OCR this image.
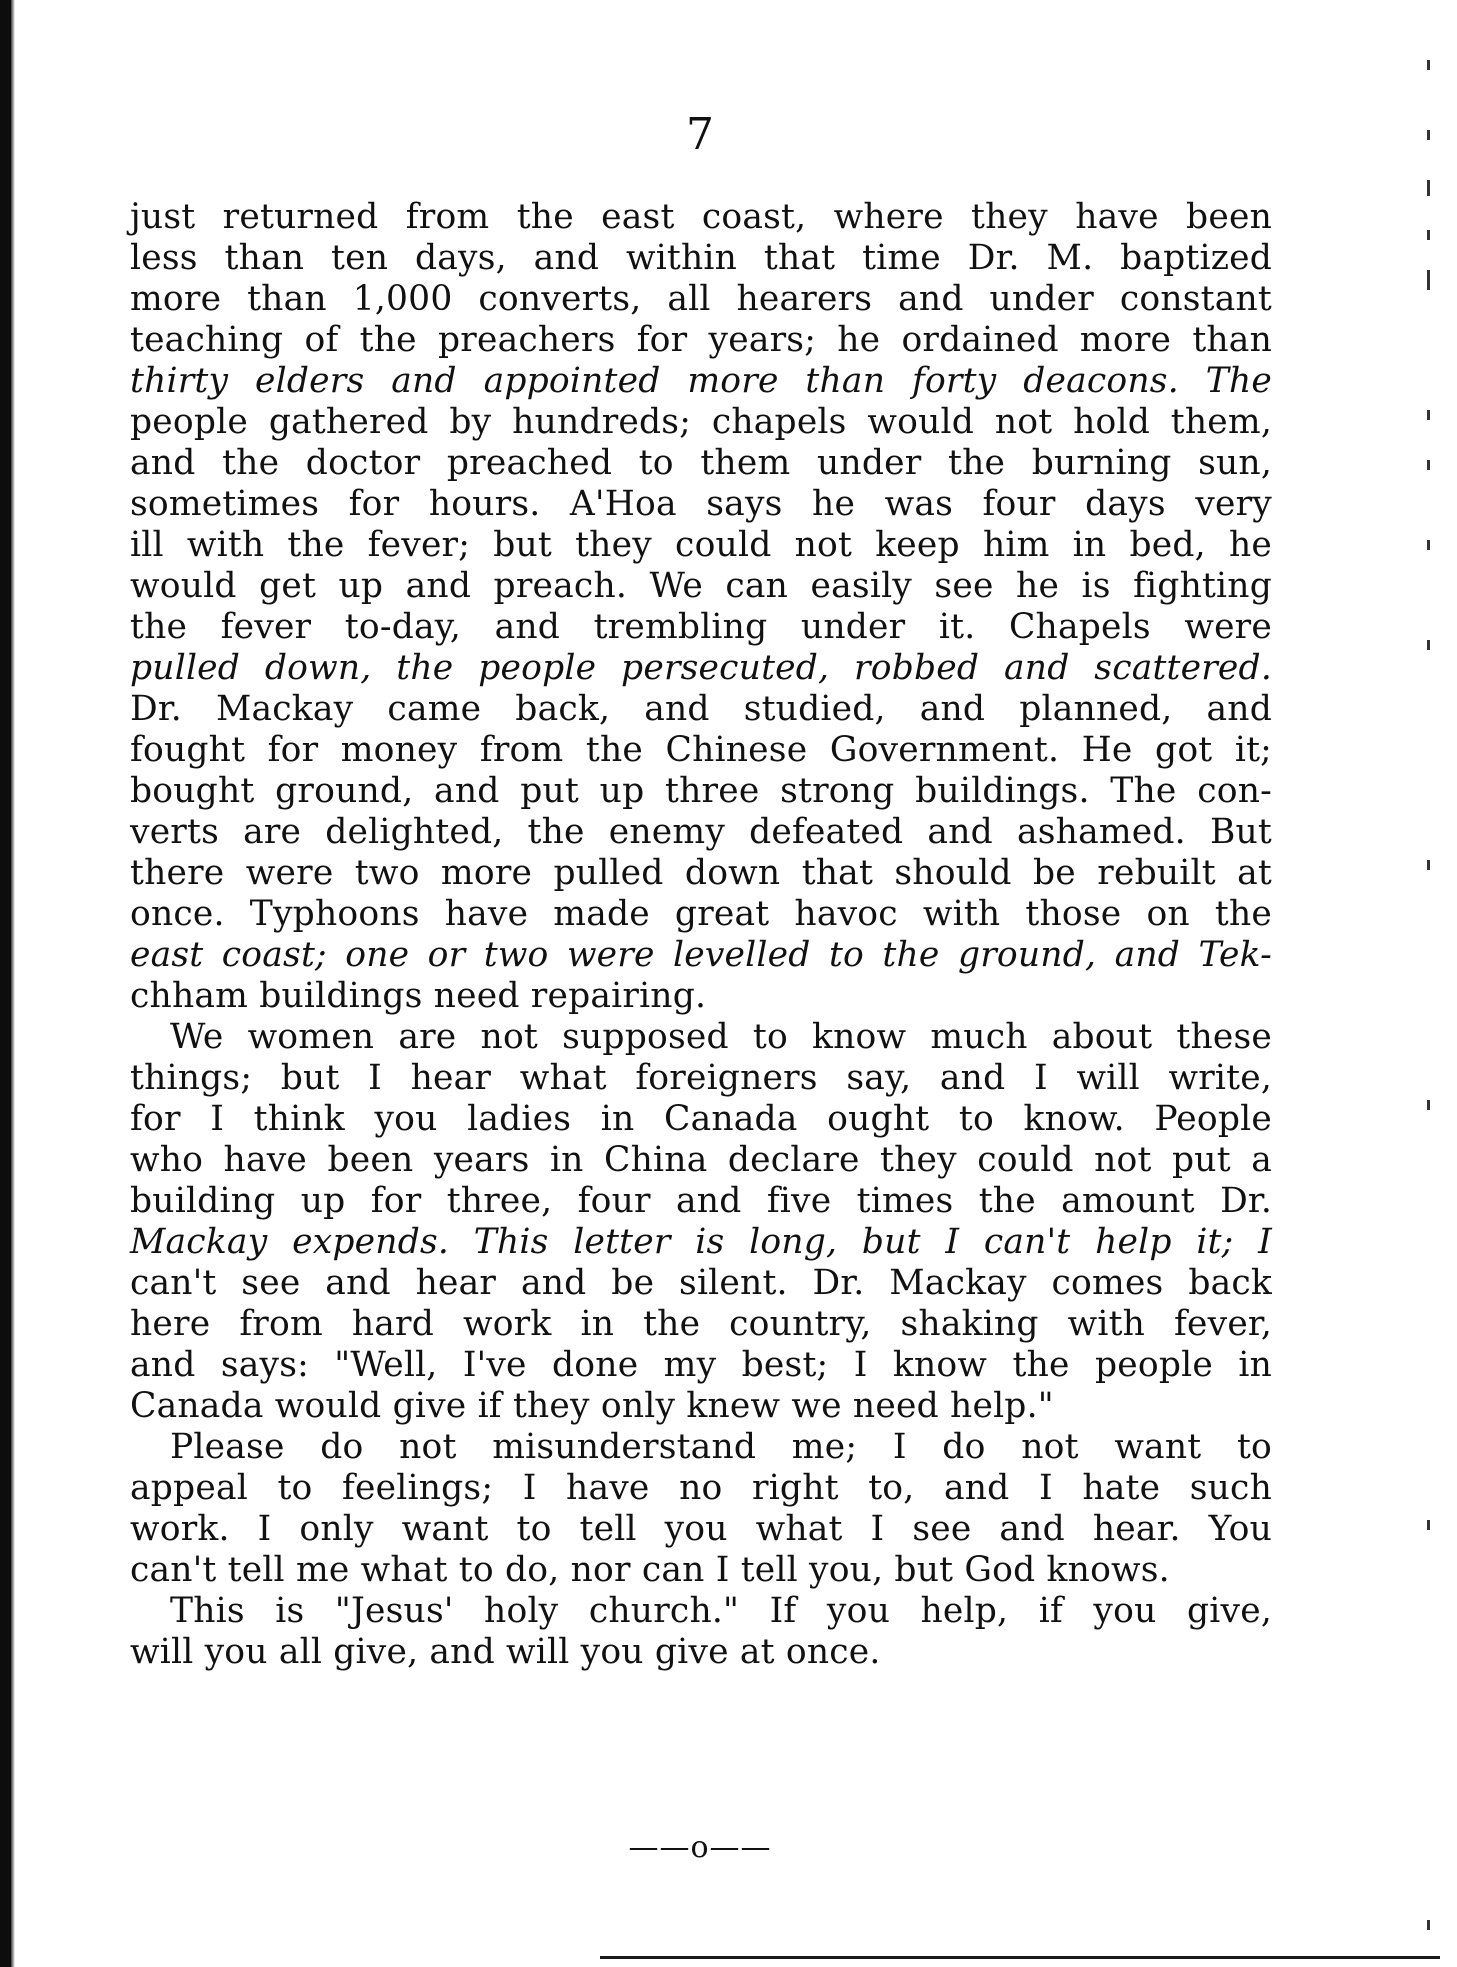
7
just returned from the east coast, where they have been
less than ten days, and within that time Dr. M. baptized
more than 1,000 converts, all hearers and under constant
teaching of the preachers for years; he ordained more than
thirty elders and appointed more than forty deacons. The
people gathered by hundreds; chapels would not hold them,
and the doctor preached to them under the burning sun,
sometimes for hours. A'Hoa says he was four days very
ill with the fever; but they could not keep him in bed, he
would get up and preach. We can easily see he is fighting
the fever to-day, and trembling under it. Chapels were
pulled down, the people persecuted, robbed and scattered.
Dr. Mackay came back, and studied, and planned, and
fought for money from the Chinese Government. He got it;
bought ground, and put up three strong buildings. The con-
verts are delighted, the enemy defeated and ashamed. But
there were two more pulled down that should be rebuilt at
once. Typhoons have made great havoc with those on the
east coast; one or two were levelled to the ground, and Tek-
chham buildings need repairing.
We women are not supposed to know much about these
things; but I hear what foreigners say, and I will write,
for I think you ladies in Canada ought to know. People
who have been years in China declare they could not put a
building up for three, four and five times the amount Dr.
Mackay expends. This letter is long, but I can't help it; I
can't see and hear and be silent. Dr. Mackay comes back
here from hard work in the country, shaking with fever,
and says: "Well, I've done my best; I know the people in
Canada would give if they only knew we need help."
Please do not misunderstand me; I do not want to
appeal to feelings; I have no right to, and I hate such
work. I only want to tell you what I see and hear. You
can't tell me what to do, nor can I tell you, but God knows.
This is "Jesus' holy church." If you help, if you give,
will you all give, and will you give at once.
——o——
